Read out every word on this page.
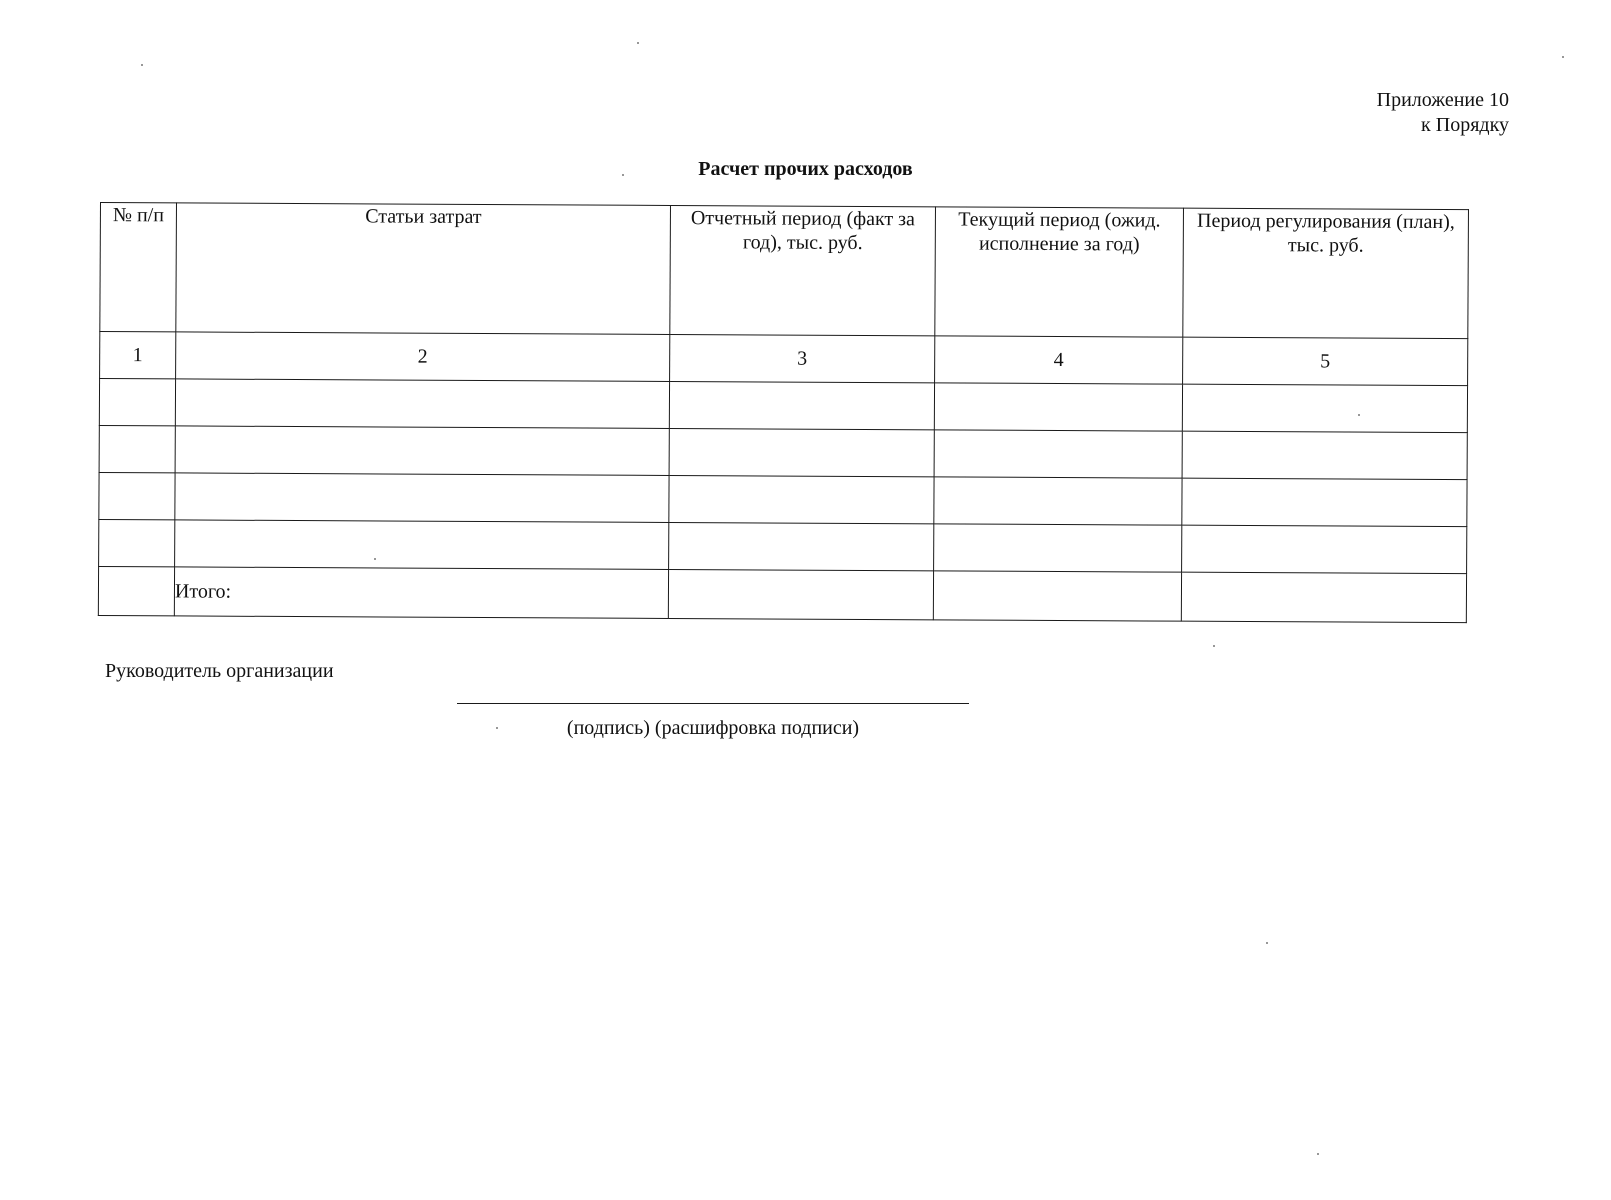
Приложение 10
к Порядку
Расчет прочих расходов
№ п/п	Статьи затрат	Отчетный период (факт за год), тыс. руб.	Текущий период (ожид. исполнение за год)	Период регулирования (план), тыс. руб.
1	2	3	4	5

	Итого:			
Руководитель организации
(подпись) (расшифровка подписи)
